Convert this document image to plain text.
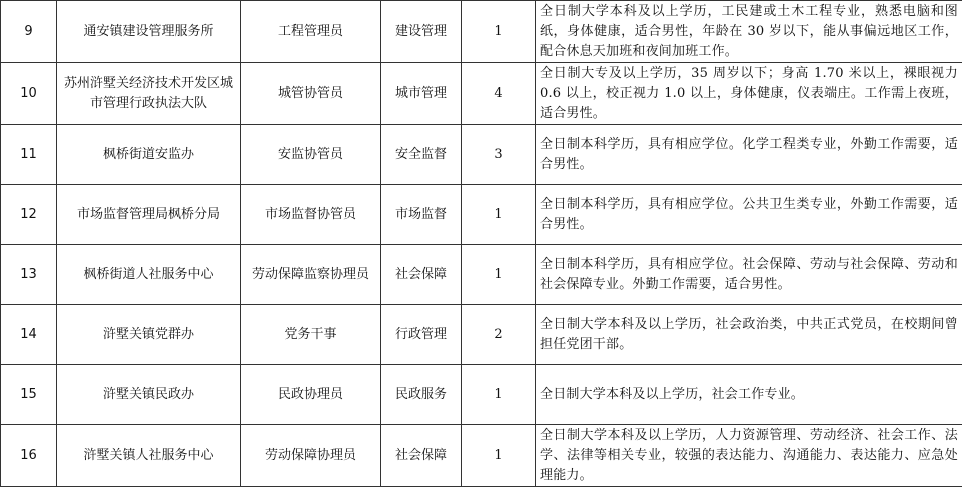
9	通安镇建设管理服务所	工程管理员	建设管理	1	全日制大学本科及以上学历，工民建或土木工程专业，熟悉电脑和图纸，身体健康，适合男性，年龄在 30 岁以下，能从事偏远地区工作，配合休息天加班和夜间加班工作。
10	苏州浒墅关经济技术开发区城市管理行政执法大队	城管协管员	城市管理	4	全日制大专及以上学历，35 周岁以下；身高 1.70 米以上，裸眼视力 0.6 以上，校正视力 1.0 以上，身体健康，仪表端庄。工作需上夜班，适合男性。
11	枫桥街道安监办	安监协管员	安全监督	3	全日制本科学历，具有相应学位。化学工程类专业，外勤工作需要，适合男性。
12	市场监督管理局枫桥分局	市场监督协管员	市场监督	1	全日制本科学历，具有相应学位。公共卫生类专业，外勤工作需要，适合男性。
13	枫桥街道人社服务中心	劳动保障监察协理员	社会保障	1	全日制本科学历，具有相应学位。社会保障、劳动与社会保障、劳动和社会保障专业。外勤工作需要，适合男性。
14	浒墅关镇党群办	党务干事	行政管理	2	全日制大学本科及以上学历，社会政治类，中共正式党员，在校期间曾担任党团干部。
15	浒墅关镇民政办	民政协理员	民政服务	1	全日制大学本科及以上学历，社会工作专业。
16	浒墅关镇人社服务中心	劳动保障协理员	社会保障	1	全日制大学本科及以上学历，人力资源管理、劳动经济、社会工作、法学、法律等相关专业，较强的表达能力、沟通能力、表达能力、应急处理能力。
